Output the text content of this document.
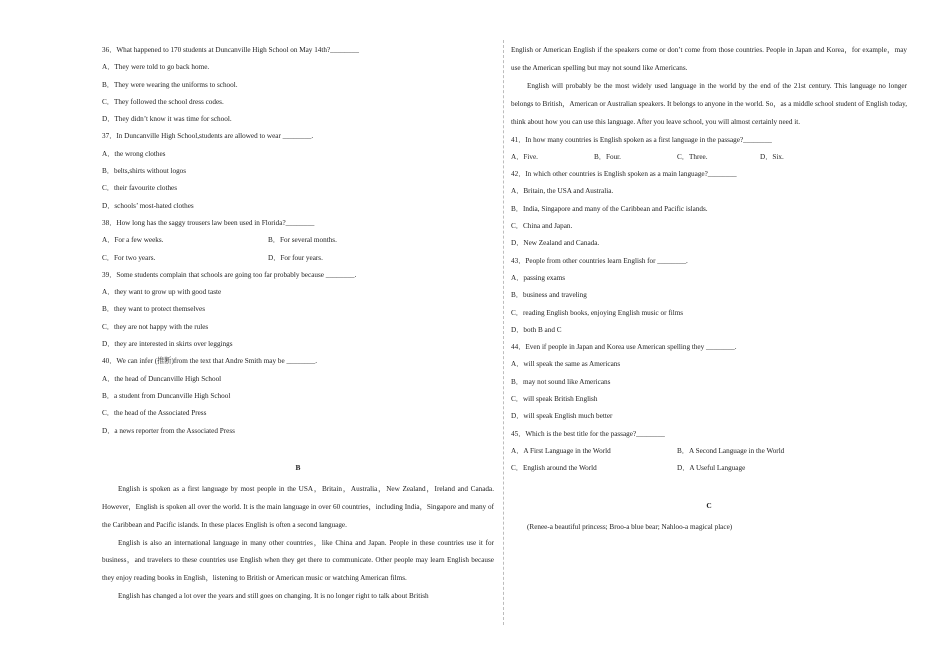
36．What happened to 170 students at Duncanville High School on May 14th?________
A．They were told to go back home.
B．They were wearing the uniforms to school.
C．They followed the school dress codes.
D．They didn’t know it was time for school.
37．In Duncanville High School,students are allowed to wear ________.
A．the wrong clothes
B．belts,shirts without logos
C．their favourite clothes
D．schools’ most-hated clothes
38．How long has the saggy trousers law been used in Florida?________
A．For a few weeks.	B．For several months.
C．For two years.	D．For four years.
39．Some students complain that schools are going too far probably because ________.
A．they want to grow up with good taste
B．they want to protect themselves
C．they are not happy with the rules
D．they are interested in skirts over leggings
40．We can infer (推断)from the text that Andre Smith may be ________.
A．the head of Duncanville High School
B．a student from Duncanville High School
C．the head of the Associated Press
D．a news reporter from the Associated Press
B
English is spoken as a first language by most people in the USA，Britain，Australia，New Zealand，Ireland and Canada. However，English is spoken all over the world. It is the main language in over 60 countries，including India，Singapore and many of the Caribbean and Pacific islands. In these places English is often a second language.
English is also an international language in many other countries，like China and Japan. People in these countries use it for business，and travelers to these countries use English when they get there to communicate. Other people may learn English because they enjoy reading books in English，listening to British or American music or watching American films.
English has changed a lot over the years and still goes on changing. It is no longer right to talk about British
English or American English if the speakers come or don’t come from those countries. People in Japan and Korea，for example，may use the American spelling but may not sound like Americans.
English will probably be the most widely used language in the world by the end of the 21st century. This language no longer belongs to British，American or Australian speakers. It belongs to anyone in the world. So，as a middle school student of English today, think about how you can use this language. After you leave school, you will almost certainly need it.
41．In how many countries is English spoken as a first language in the passage?________
A．Five.	B．Four.	C．Three.	D．Six.
42．In which other countries is English spoken as a main language?________
A．Britain, the USA and Australia.
B．India, Singapore and many of the Caribbean and Pacific islands.
C．China and Japan.
D．New Zealand and Canada.
43．People from other countries learn English for ________.
A．passing exams
B．business and traveling
C．reading English books, enjoying English music or films
D．both B and C
44．Even if people in Japan and Korea use American spelling they ________.
A．will speak the same as Americans
B．may not sound like Americans
C．will speak British English
D．will speak English much better
45．Which is the best title for the passage?________
A．A First Language in the World	B．A Second Language in the World
C．English around the World	D．A Useful Language
C
(Renee-a beautiful princess; Broo-a blue bear; Nahloo-a magical place)
